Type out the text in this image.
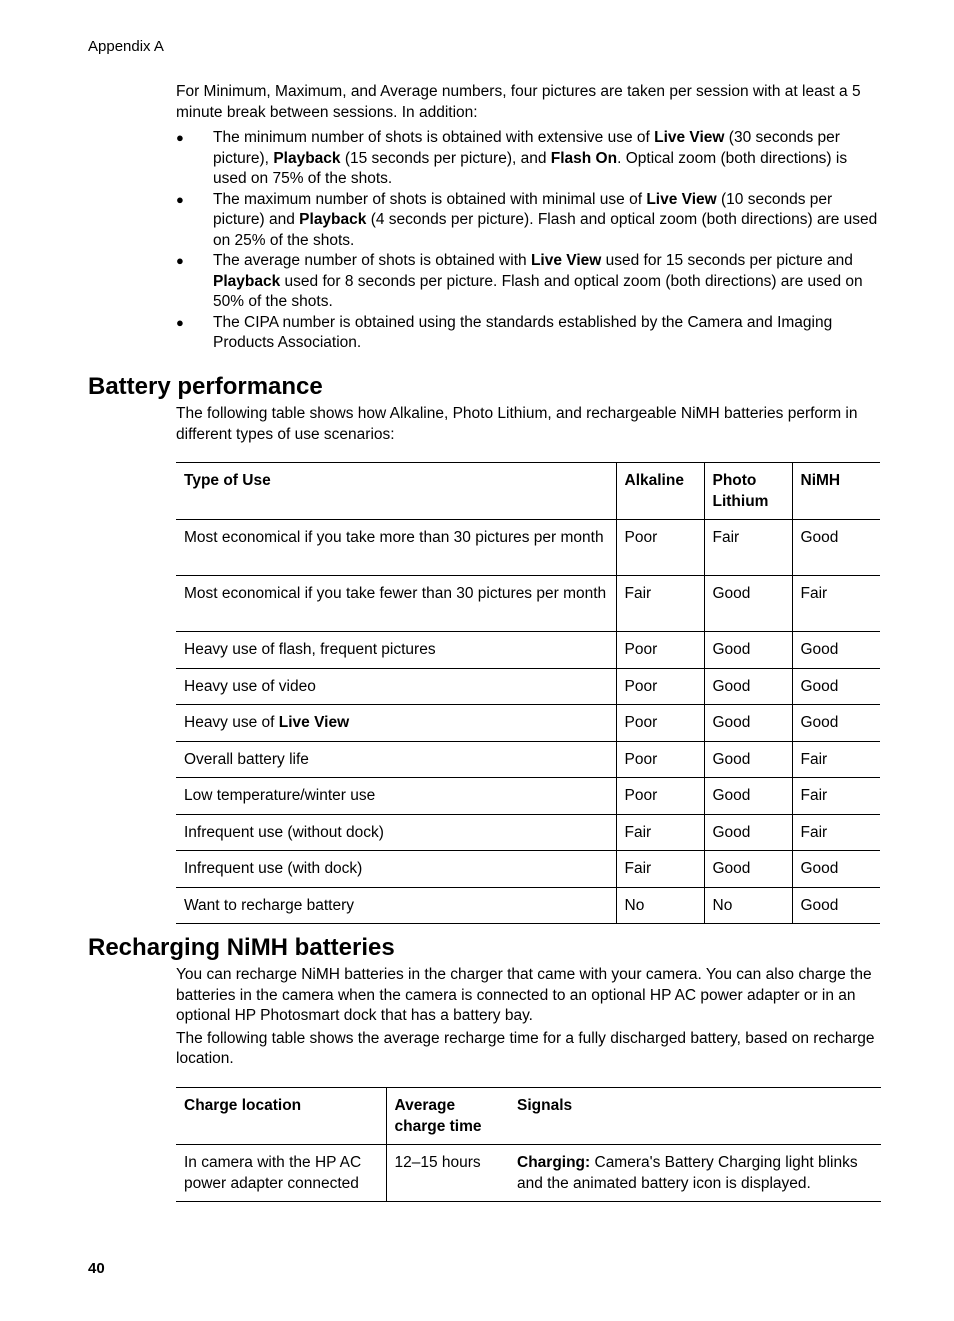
Appendix A

For Minimum, Maximum, and Average numbers, four pictures are taken per session with at least a 5 minute break between sessions. In addition:

● The minimum number of shots is obtained with extensive use of Live View (30 seconds per picture), Playback (15 seconds per picture), and Flash On. Optical zoom (both directions) is used on 75% of the shots.
● The maximum number of shots is obtained with minimal use of Live View (10 seconds per picture) and Playback (4 seconds per picture). Flash and optical zoom (both directions) are used on 25% of the shots.
● The average number of shots is obtained with Live View used for 15 seconds per picture and Playback used for 8 seconds per picture. Flash and optical zoom (both directions) are used on 50% of the shots.
● The CIPA number is obtained using the standards established by the Camera and Imaging Products Association.
Battery performance

The following table shows how Alkaline, Photo Lithium, and rechargeable NiMH batteries perform in different types of use scenarios:

Type of Use	Alkaline	Photo Lithium	NiMH
Most economical if you take more than 30 pictures per month	Poor	Fair	Good
Most economical if you take fewer than 30 pictures per month	Fair	Good	Fair
Heavy use of flash, frequent pictures	Poor	Good	Good
Heavy use of video	Poor	Good	Good
Heavy use of Live View	Poor	Good	Good
Overall battery life	Poor	Good	Fair
Low temperature/winter use	Poor	Good	Fair
Infrequent use (without dock)	Fair	Good	Fair
Infrequent use (with dock)	Fair	Good	Good
Want to recharge battery	No	No	Good
Recharging NiMH batteries

You can recharge NiMH batteries in the charger that came with your camera. You can also charge the batteries in the camera when the camera is connected to an optional HP AC power adapter or in an optional HP Photosmart dock that has a battery bay.

The following table shows the average recharge time for a fully discharged battery, based on recharge location.

Charge location	Average charge time	Signals
In camera with the HP AC power adapter connected	12–15 hours	Charging: Camera's Battery Charging light blinks and the animated battery icon is displayed.
40
